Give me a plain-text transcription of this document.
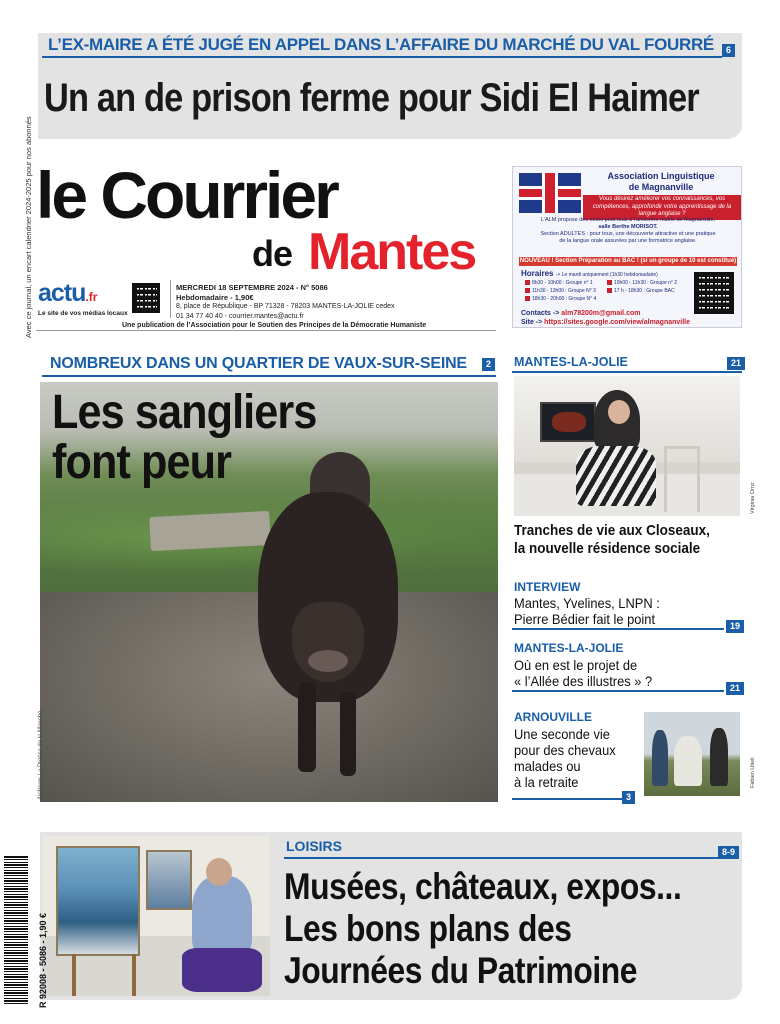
L’EX-MAIRE A ÉTÉ JUGÉ EN APPEL DANS L’AFFAIRE DU MARCHÉ DU VAL FOURRÉ	6
Un an de prison ferme pour Sidi El Haimer
Avec ce journal, un encart calendrier 2024-2025 pour nos abonnés le Courrier
de Mantes
actu.fr
Le site de vos médias locaux
MERCREDI 18 SEPTEMBRE 2024 - N° 5086
Hebdomadaire - 1,90€
8, place de République - BP 71328 - 78203 MANTES-LA-JOLIE cedex
01 34 77 40 40 - courrier.mantes@actu.fr
Une publication de l’Association pour le Soutien des Principes de la Démocratie Humaniste
Association Linguistique
de Magnanville
Vous désirez améliorer vos connaissances, vos compétences, approfondir votre apprentissage de la langue anglaise ?
L’ALM propose des cours pour tous à l’ancienne mairie de Magnanville,
salle Berthe MORISOT.
Section ADULTES : pour tous, une découverte attractive et une pratique
de la langue orale assurées par une formatrice anglaise.
NOUVEAU ! Section Préparation au BAC ! (si un groupe de 10 est constitué)
Horaires -> Le mardi uniquement (1h30 hebdomadaire)
8h30 - 10h00 : Groupe n° 1	10h00 - 11h30 : Groupe n° 2
11h30 - 13h00 : Groupe N° 3	17 h - 18h30 : Groupe BAC
18h30 - 20h00 : Groupe N° 4
Contacts -> alm78200m@gmail.com
Site -> https://sites.google.com/view/almagnanville
NOMBREUX DANS UN QUARTIER DE VAUX-SUR-SEINE	2
Les sangliers
font peur
Archives La Presse de la Manche
MANTES-LA-JOLIE	21
Virginia Ornz
Tranches de vie aux Closeaux,
la nouvelle résidence sociale
INTERVIEW
Mantes, Yvelines, LNPN :
Pierre Bédier fait le point	19
MANTES-LA-JOLIE
Où en est le projet de
« l’Allée des illustres » ?	21
ARNOUVILLE
Une seconde vie
pour des chevaux
malades ou
à la retraite
3
Fabien Utieli
LOISIRS	8-9
Musées, châteaux, expos...
Les bons plans des
Journées du Patrimoine
R 92008 - 5086 - 1,90 €
